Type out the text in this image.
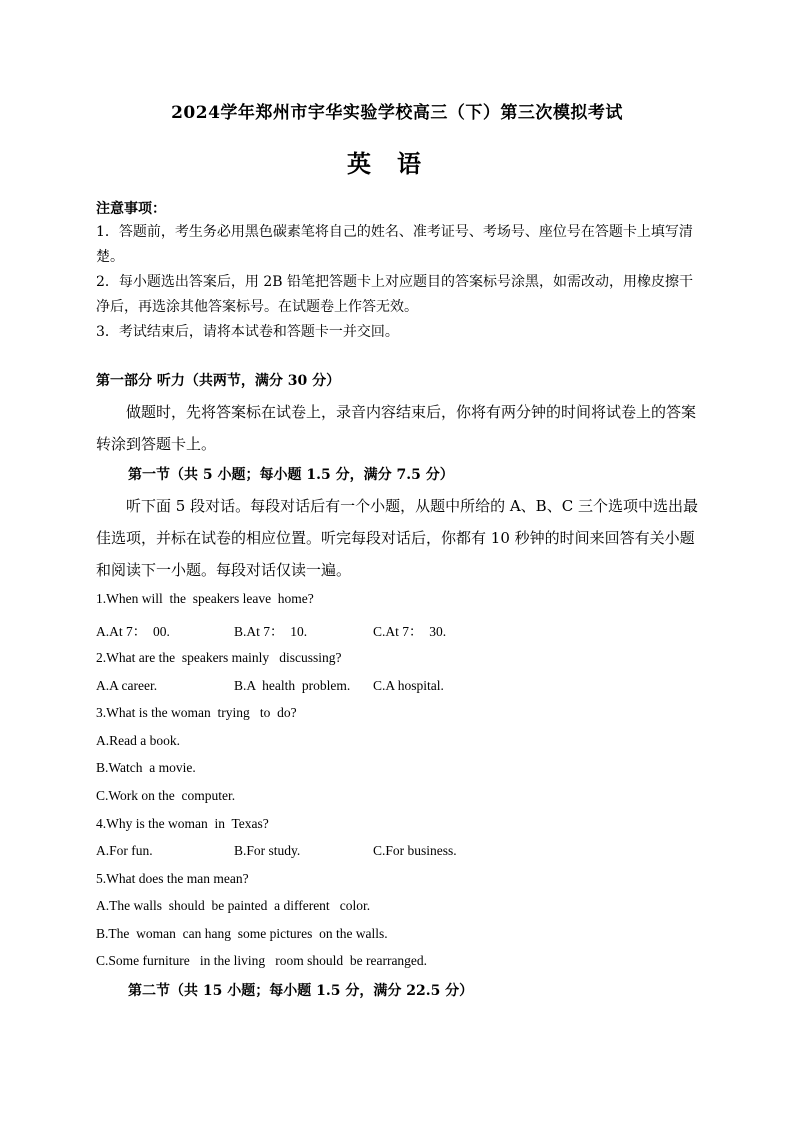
2024学年郑州市宇华实验学校高三（下）第三次模拟考试
英语
注意事项：
1．答题前，考生务必用黑色碳素笔将自己的姓名、准考证号、考场号、座位号在答题卡上填写清楚。
2．每小题选出答案后，用 2B 铅笔把答题卡上对应题目的答案标号涂黑，如需改动，用橡皮擦干净后，再选涂其他答案标号。在试题卷上作答无效。
3．考试结束后，请将本试卷和答题卡一并交回。
第一部分 听力（共两节，满分 30 分）
做题时，先将答案标在试卷上，录音内容结束后，你将有两分钟的时间将试卷上的答案转涂到答题卡上。
第一节（共 5 小题；每小题 1.5 分，满分 7.5 分）
听下面 5 段对话。每段对话后有一个小题，从题中所给的 A、B、C 三个选项中选出最佳选项，并标在试卷的相应位置。听完每段对话后，你都有 10 秒钟的时间来回答有关小题和阅读下一小题。每段对话仅读一遍。
1.When will  the  speakers leave  home?
A.At 7：  00.	B.At 7：  10.	C.At 7：  30.
2.What are the  speakers mainly   discussing?
A.A career.	B.A  health  problem. C.A hospital.
3.What is the woman  trying   to  do?
A.Read a book.
B.Watch  a movie.
C.Work on the  computer.
4.Why is the woman  in  Texas?
A.For fun.	B.For study.	C.For business.
5.What does the man mean?
A.The walls  should  be painted  a different   color.
B.The  woman  can hang  some pictures  on the walls.
C.Some furniture   in the living   room should  be rearranged.
第二节（共 15 小题；每小题 1.5 分，满分 22.5 分）
